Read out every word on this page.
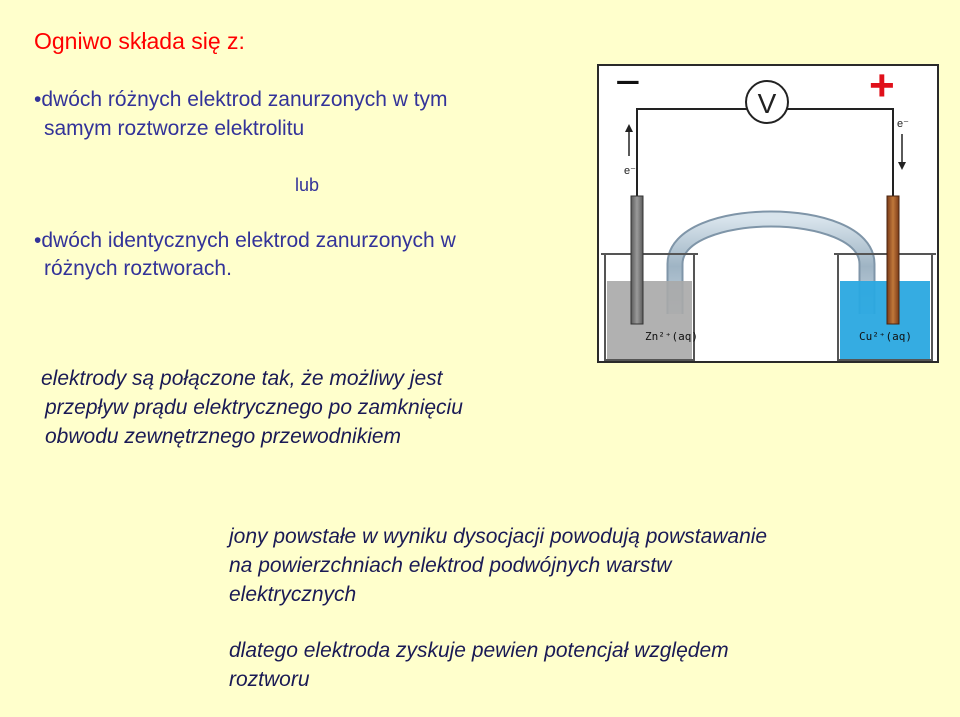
Ogniwo składa się z:
•dwóch różnych elektrod zanurzonych w tym
samym roztworze elektrolitu
lub
•dwóch identycznych elektrod zanurzonych w
różnych roztworach.
elektrody są połączone tak, że możliwy jest
przepływ prądu elektrycznego po zamknięciu
obwodu zewnętrznego przewodnikiem
jony powstałe w wyniku dysocjacji powodują powstawanie
na powierzchniach elektrod podwójnych warstw
elektrycznych
dlatego elektroda zyskuje pewien potencjał względem
roztworu
V
−	+
e⁻
e⁻
Zn²⁺(aq)	Cu²⁺(aq)
